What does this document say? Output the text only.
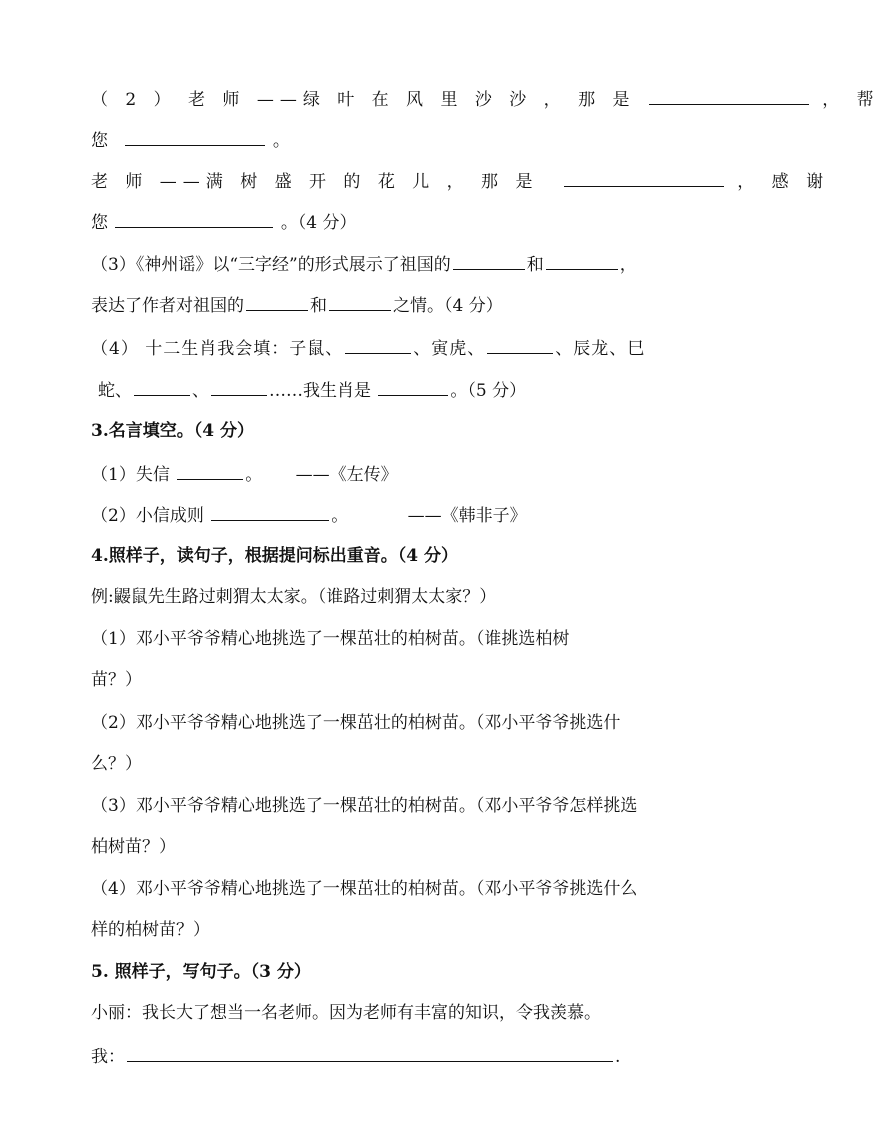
（ 2 ） 老 师 ——绿 叶 在 风 里 沙 沙 ， 那 是	， 帮
您	。
老 师 ——满 树 盛 开 的 花 儿 ， 那 是	， 感 谢
您	。（4 分）
（3）《神州谣》以“三字经”的形式展示了祖国的	和	，
表达了作者对祖国的	和	之情。（4 分）
（4） 十二生肖我会填：子鼠、	、寅虎、	、辰龙、巳
蛇、	、	……我生肖是	。（5 分）
3.名言填空。（4 分）
（1）失信	。 ——《左传》
（2）小信成则	。	——《韩非子》
4.照样子，读句子，根据提问标出重音。（4 分）
例:鼹鼠先生路过刺猬太太家。（谁路过刺猬太太家？）
（1）邓小平爷爷精心地挑选了一棵茁壮的柏树苗。（谁挑选柏树
苗？）
（2）邓小平爷爷精心地挑选了一棵茁壮的柏树苗。（邓小平爷爷挑选什
么？）
（3）邓小平爷爷精心地挑选了一棵茁壮的柏树苗。（邓小平爷爷怎样挑选
柏树苗？）
（4）邓小平爷爷精心地挑选了一棵茁壮的柏树苗。（邓小平爷爷挑选什么
样的柏树苗？）
5. 照样子，写句子。（3 分）
小丽：我长大了想当一名老师。因为老师有丰富的知识，令我羡慕。
我：	.
